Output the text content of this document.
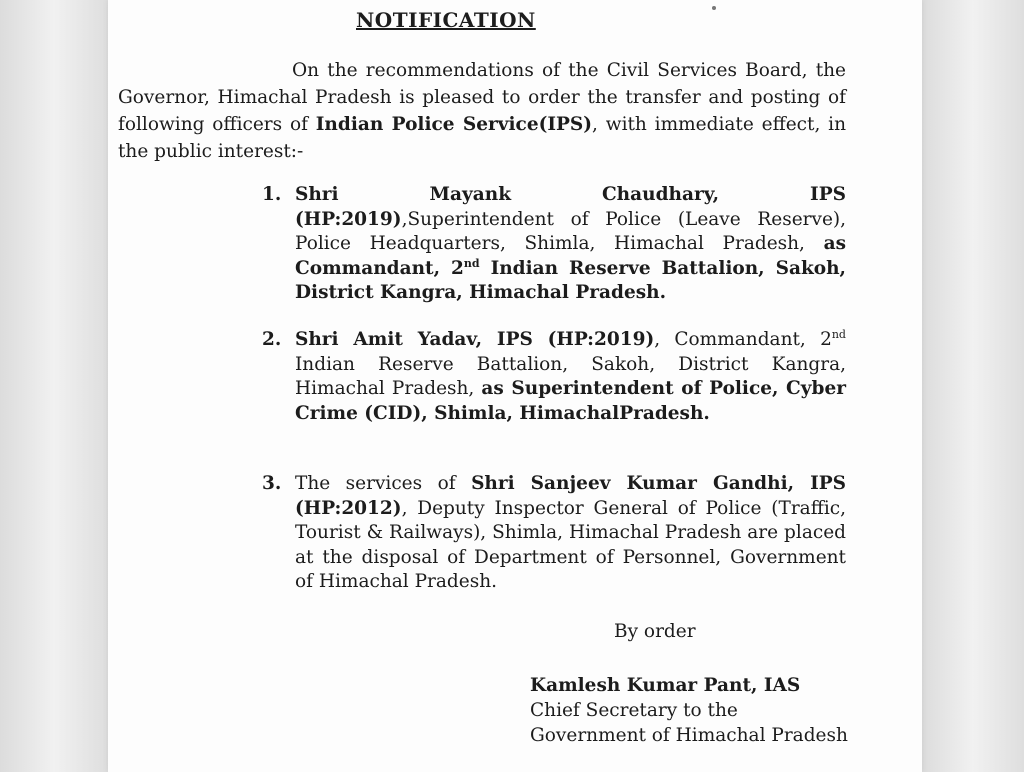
NOTIFICATION
On the recommendations of the Civil Services Board, the Governor, Himachal Pradesh is pleased to order the transfer and posting of following officers of Indian Police Service(IPS), with immediate effect, in the public interest:-
1. Shri Mayank Chaudhary, IPS (HP:2019),Superintendent of Police (Leave Reserve), Police Headquarters, Shimla, Himachal Pradesh, as Commandant, 2nd Indian Reserve Battalion, Sakoh, District Kangra, Himachal Pradesh.
2. Shri Amit Yadav, IPS (HP:2019), Commandant, 2nd Indian Reserve Battalion, Sakoh, District Kangra, Himachal Pradesh, as Superintendent of Police, Cyber Crime (CID), Shimla, HimachalPradesh.
3. The services of Shri Sanjeev Kumar Gandhi, IPS (HP:2012), Deputy Inspector General of Police (Traffic, Tourist & Railways), Shimla, Himachal Pradesh are placed at the disposal of Department of Personnel, Government of Himachal Pradesh.
By order
Kamlesh Kumar Pant, IAS
Chief Secretary to the
Government of Himachal Pradesh
